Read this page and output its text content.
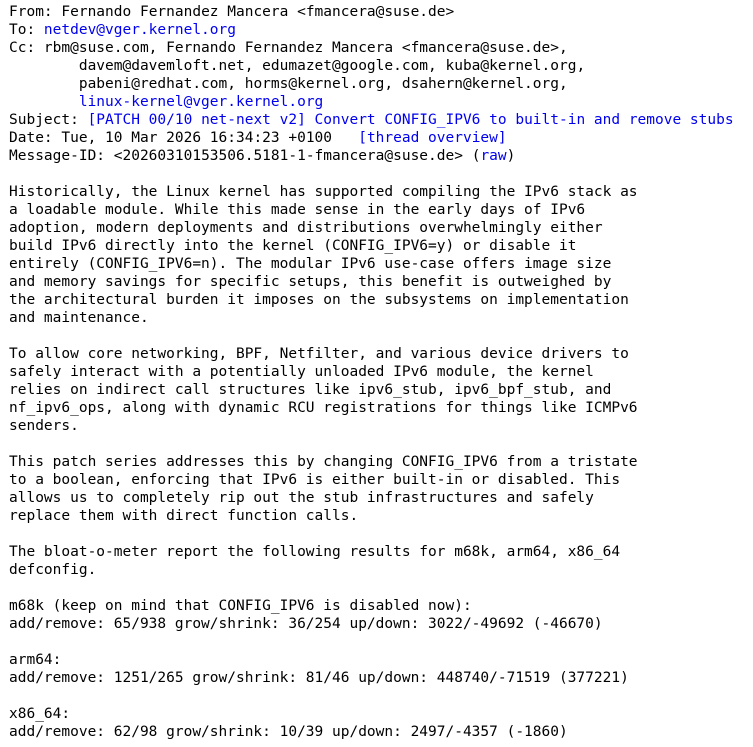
From: Fernando Fernandez Mancera <fmancera@suse.de>
To: netdev@vger.kernel.org
Cc: rbm@suse.com, Fernando Fernandez Mancera <fmancera@suse.de>,
davem@davemloft.net, edumazet@google.com, kuba@kernel.org,
pabeni@redhat.com, horms@kernel.org, dsahern@kernel.org,
linux-kernel@vger.kernel.org
Subject: [PATCH 00/10 net-next v2] Convert CONFIG_IPV6 to built-in and remove stubs
Date: Tue, 10 Mar 2026 16:34:23 +0100 [thread overview]
Message-ID: <20260310153506.5181-1-fmancera@suse.de> (raw)

Historically, the Linux kernel has supported compiling the IPv6 stack as
a loadable module. While this made sense in the early days of IPv6
adoption, modern deployments and distributions overwhelmingly either
build IPv6 directly into the kernel (CONFIG_IPV6=y) or disable it
entirely (CONFIG_IPV6=n). The modular IPv6 use-case offers image size
and memory savings for specific setups, this benefit is outweighed by
the architectural burden it imposes on the subsystems on implementation
and maintenance.

To allow core networking, BPF, Netfilter, and various device drivers to
safely interact with a potentially unloaded IPv6 module, the kernel
relies on indirect call structures like ipv6_stub, ipv6_bpf_stub, and
nf_ipv6_ops, along with dynamic RCU registrations for things like ICMPv6
senders.

This patch series addresses this by changing CONFIG_IPV6 from a tristate
to a boolean, enforcing that IPv6 is either built-in or disabled. This
allows us to completely rip out the stub infrastructures and safely
replace them with direct function calls.

The bloat-o-meter report the following results for m68k, arm64, x86_64
defconfig.

m68k (keep on mind that CONFIG_IPV6 is disabled now):
add/remove: 65/938 grow/shrink: 36/254 up/down: 3022/-49692 (-46670)

arm64:
add/remove: 1251/265 grow/shrink: 81/46 up/down: 448740/-71519 (377221)

x86_64:
add/remove: 62/98 grow/shrink: 10/39 up/down: 2497/-4357 (-1860)
